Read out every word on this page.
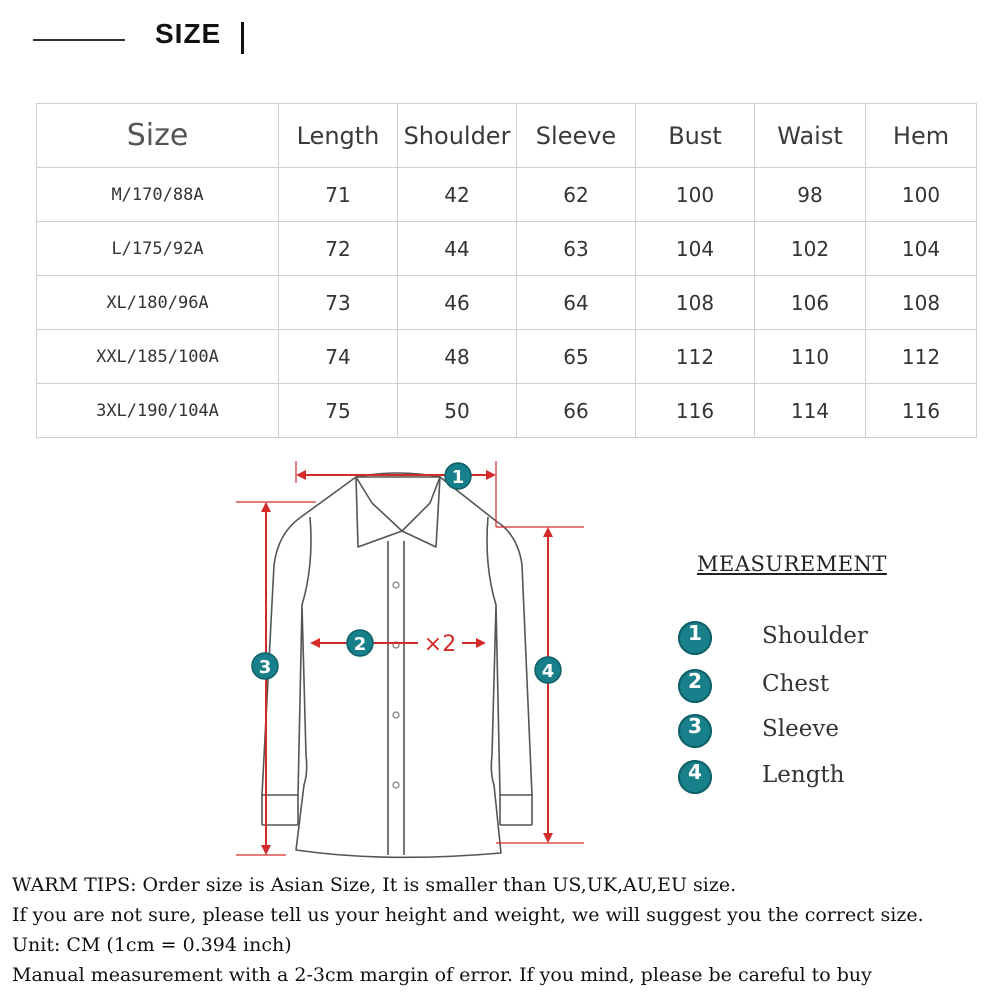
SIZE
Size	Length	Shoulder	Sleeve	Bust	Waist	Hem
M/170/88A	71	42	62	100	98	100
L/175/92A	72	44	63	104	102	104
XL/180/96A	73	46	64	108	106	108
XXL/185/100A	74	48	65	112	110	112
3XL/190/104A	75	50	66	116	114	116
1
2	×2
3	4
MEASUREMENT
1	Shoulder
2	Chest
3	Sleeve
4	Length

WARM TIPS: Order size is Asian Size, It is smaller than US,UK,AU,EU size.

If you are not sure, please tell us your height and weight, we will suggest you the correct size.

Unit: CM (1cm = 0.394 inch)

Manual measurement with a 2-3cm margin of error. If you mind, please be careful to buy
